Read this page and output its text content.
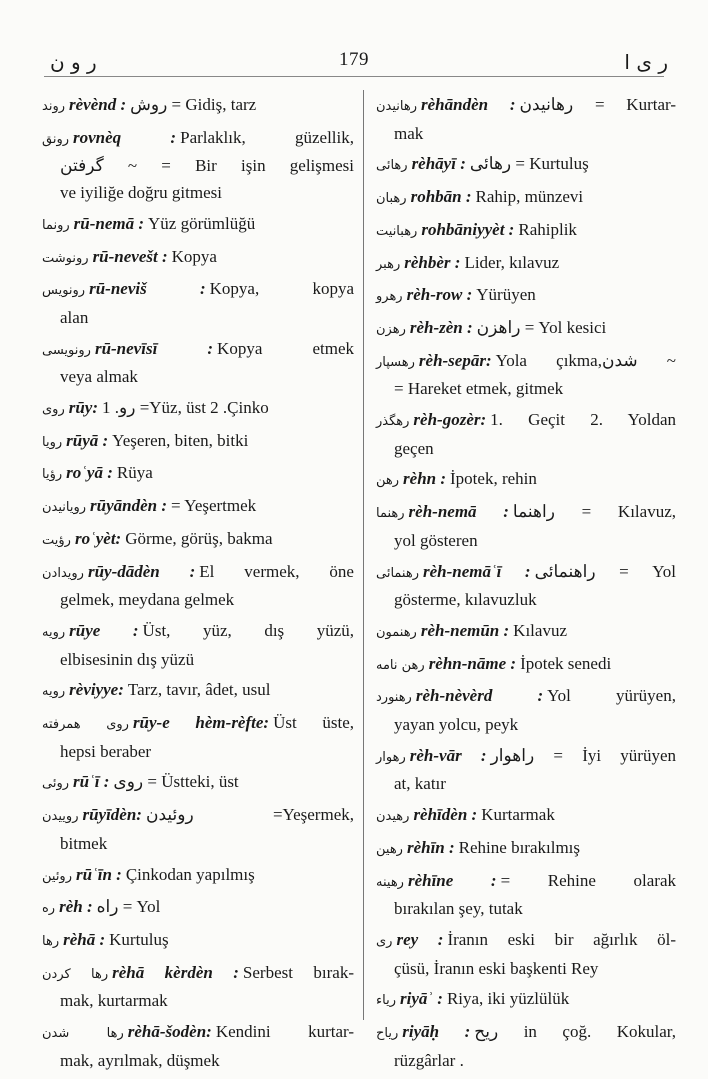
ر و ن	179	ر ى ا
روند rèvènd : روش = Gidiş, tarz
رونق rovnèq : Parlaklık, güzellik,
گرفتن ~ = Bir işin gelişmesi
ve iyiliğe doğru gitmesi
رونما rū-nemā : Yüz görümlüğü
رونوشت rū-nevešt : Kopya
رونويس rū-neviš : Kopya, kopya
alan
رونويسى rū-nevīsī : Kopya etmek
veya almak
روى rūy: 1 .رو =Yüz, üst 2 .Çinko
رويا rūyā : Yeşeren, biten, bitki
رؤيا roʿyā : Rüya
رويانيدن rūyāndèn : = Yeşertmek
رؤيت roʿyèt: Görme, görüş, bakma
رويدادن rūy-dādèn : El vermek, öne
gelmek, meydana gelmek
رويه rūye : Üst, yüz, dış yüzü,
elbisesinin dış yüzü
رويه rèviyye: Tarz, tavır, âdet, usul
روى همرفته rūy-e hèm-rèfte: Üst üste,
hepsi beraber
روئى rūʿī : روى = Üstteki, üst
روييدن rūyīdèn: روئيدن =Yeşermek,
bitmek
روئين rūʿīn : Çinkodan yapılmış
ره rèh : راه = Yol
رها rèhā : Kurtuluş
رها كردن rèhā kèrdèn : Serbest bırak-
mak, kurtarmak
رها شدن rèhā-šodèn: Kendini kurtar-
mak, ayrılmak, düşmek
رهانيدن rèhāndèn : رهانيدن = Kurtar-
mak
رهائى rèhāyī : رهائى = Kurtuluş
رهبان rohbān : Rahip, münzevi
رهبانيت rohbāniyyèt : Rahiplik
رهبر rèhbèr : Lider, kılavuz
رهرو rèh-row : Yürüyen
رهزن rèh-zèn : راهزن = Yol kesici
رهسپار rèh-sepār: Yola çıkma,شدن ~
= Hareket etmek, gitmek
رهگذر rèh-gozèr: 1. Geçit 2. Yoldan
geçen
رهن rèhn : İpotek, rehin
رهنما rèh-nemā : راهنما = Kılavuz,
yol gösteren
رهنمائى rèh-nemāʿī : راهنمائى = Yol
gösterme, kılavuzluk
رهنمون rèh-nemūn : Kılavuz
رهن نامه rèhn-nāme : İpotek senedi
رهنورد rèh-nèvèrd : Yol yürüyen,
yayan yolcu, peyk
رهوار rèh-vār : راهوار = İyi yürüyen
at, katır
رهيدن rèhīdèn : Kurtarmak
رهين rèhīn : Rehine bırakılmış
رهينه rèhīne : = Rehine olarak
bırakılan şey, tutak
رى rey : İranın eski bir ağırlık öl-
çüsü, İranın eski başkenti Rey
رياء riyāʾ : Riya, iki yüzlülük
رياح riyāḥ : ريح in çoğ. Kokular,
rüzgârlar .
